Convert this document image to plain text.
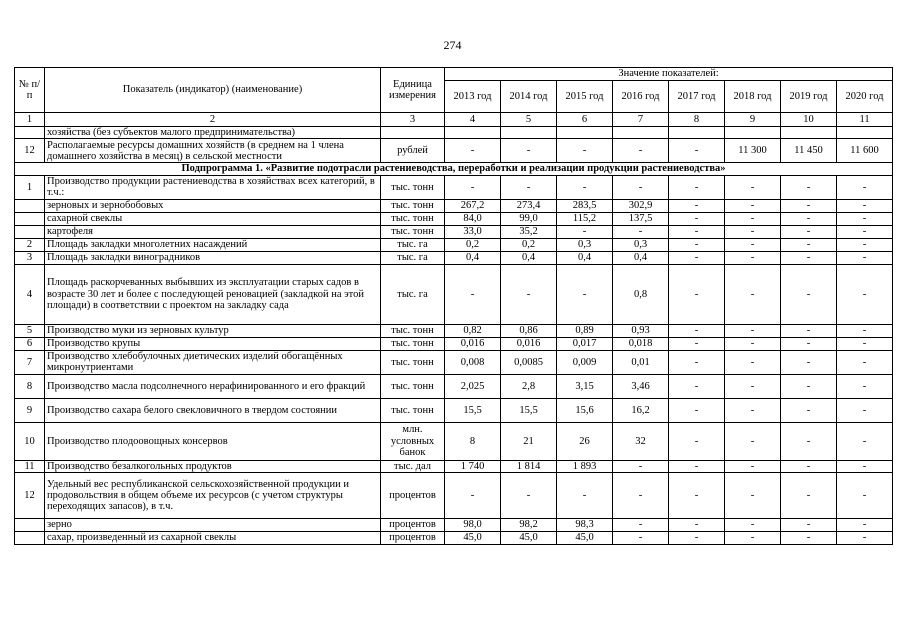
274
№ п/п	Показатель (индикатор) (наименование)	Единица измерения	Значение показателей:							
			2013 год	2014 год	2015 год	2016 год	2017 год	2018 год	2019 год	2020 год
1	2	3	4	5	6	7	8	9	10	11
	хозяйства (без субъектов малого предпринимательства)									
12	Располагаемые ресурсы домашних хозяйств (в среднем на 1 члена домашнего хозяйства в месяц) в сельской местности	рублей	-	-	-	-	-	11 300	11 450	11 600
Подпрограмма 1. «Развитие подотрасли растениеводства, переработки и реализации продукции растениеводства»										
1	Производство продукции растениеводства в хозяйствах всех категорий, в т.ч.:	тыс. тонн	-	-	-	-	-	-	-	-
	зерновых и зернобобовых	тыс. тонн	267,2	273,4	283,5	302,9	-	-	-	-
	сахарной свеклы	тыс. тонн	84,0	99,0	115,2	137,5	-	-	-	-
	картофеля	тыс. тонн	33,0	35,2	-	-	-	-	-	-
2	Площадь закладки многолетних насаждений	тыс. га	0,2	0,2	0,3	0,3	-	-	-	-
3	Площадь закладки виноградников	тыс. га	0,4	0,4	0,4	0,4	-	-	-	-
4	Площадь раскорчеванных выбывших из эксплуатации старых садов в возрасте 30 лет и более с последующей реновацией (закладкой на этой площади) в соответствии с проектом на закладку сада	тыс. га	-	-	-	0,8	-	-	-	-
5	Производство муки из зерновых культур	тыс. тонн	0,82	0,86	0,89	0,93	-	-	-	-
6	Производство крупы	тыс. тонн	0,016	0,016	0,017	0,018	-	-	-	-
7	Производство хлебобулочных диетических изделий обогащённых микронутриентами	тыс. тонн	0,008	0,0085	0,009	0,01	-	-	-	-
8	Производство масла подсолнечного нерафинированного и его фракций	тыс. тонн	2,025	2,8	3,15	3,46	-	-	-	-
9	Производство сахара белого свекловичного в твердом состоянии	тыс. тонн	15,5	15,5	15,6	16,2	-	-	-	-
10	Производство плодоовощных консервов	млн. условных банок	8	21	26	32	-	-	-	-
11	Производство безалкогольных продуктов	тыс. дал	1 740	1 814	1 893	-	-	-	-	-
12	Удельный вес республиканской сельскохозяйственной продукции и продовольствия в общем объеме их ресурсов (с учетом структуры переходящих запасов), в т.ч.	процентов	-	-	-	-	-	-	-	-
	зерно	процентов	98,0	98,2	98,3	-	-	-	-	-
	сахар, произведенный из сахарной свеклы	процентов	45,0	45,0	45,0	-	-	-	-	-
